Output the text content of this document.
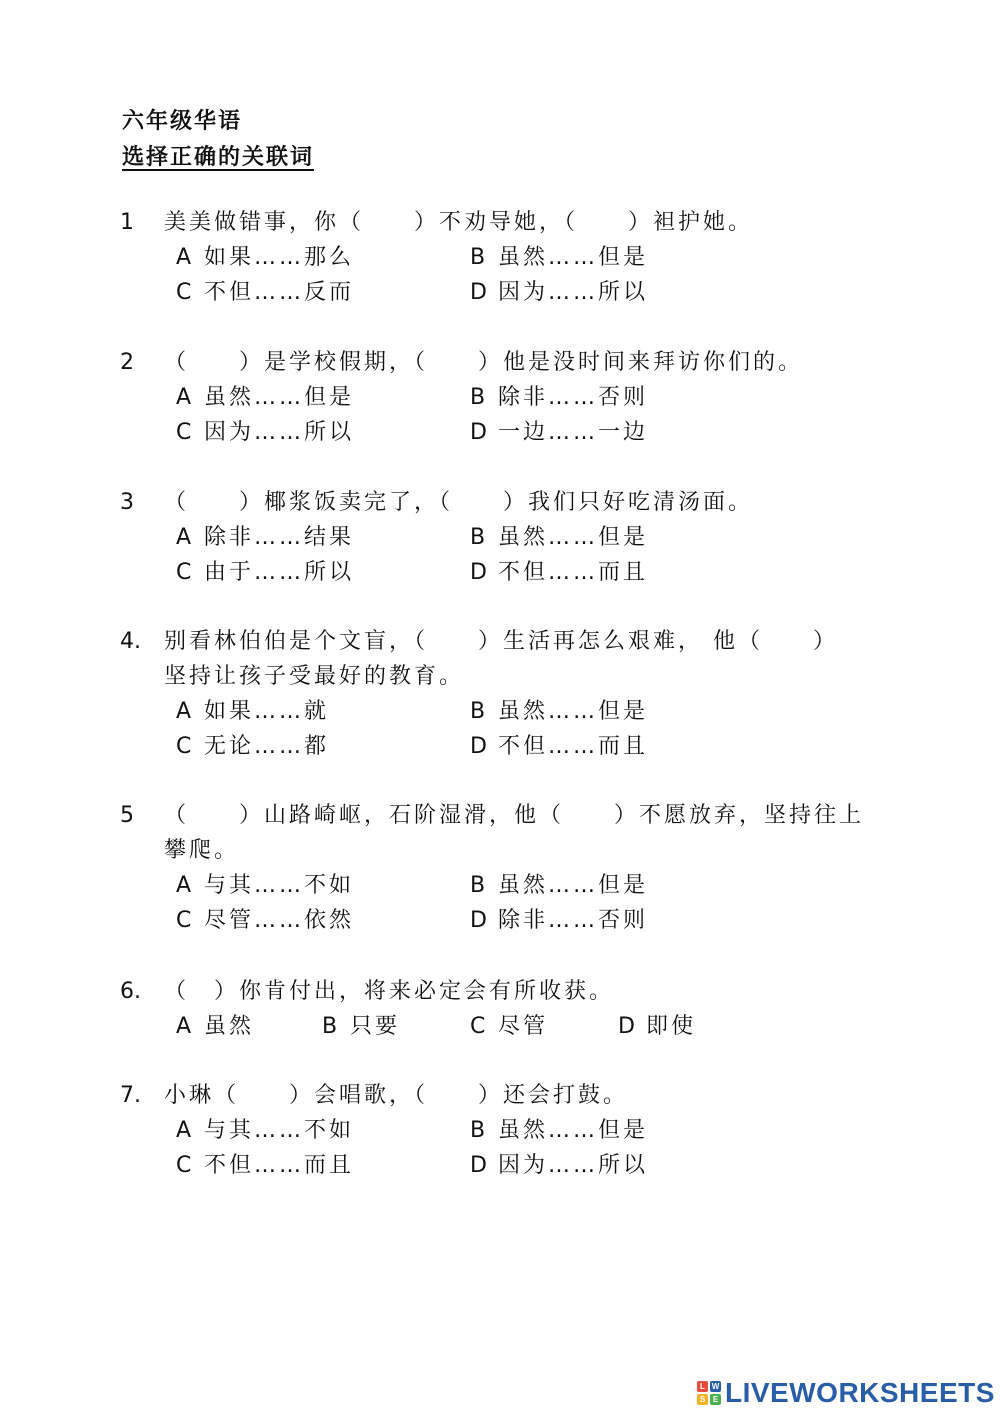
六年级华语
选择正确的关联词
1 美美做错事，你（　　）不劝导她，（　　）袒护她。
A 如果……那么	B 虽然……但是
C 不但……反而	D 因为……所以
2 （　　）是学校假期，（　　）他是没时间来拜访你们的。
A 虽然……但是	B 除非……否则
C 因为……所以	D 一边……一边
3 （　　）椰浆饭卖完了，（　　）我们只好吃清汤面。
A 除非……结果	B 虽然……但是
C 由于……所以	D 不但……而且
4. 别看林伯伯是个文盲，（　　）生活再怎么艰难， 他（　　）
坚持让孩子受最好的教育。
A 如果……就	B 虽然……但是
C 无论……都	D 不但……而且
5 （　　）山路崎岖，石阶湿滑，他（　　）不愿放弃，坚持往上
攀爬。
A 与其……不如	B 虽然……但是
C 尽管……依然	D 除非……否则
6. （　）你肯付出，将来必定会有所收获。
A 虽然	B 只要	C 尽管	D 即使
7. 小琳（　　）会唱歌，（　　）还会打鼓。
A 与其……不如	B 虽然……但是
C 不但……而且	D 因为……所以
L W
S E LIVEWORKSHEETS
